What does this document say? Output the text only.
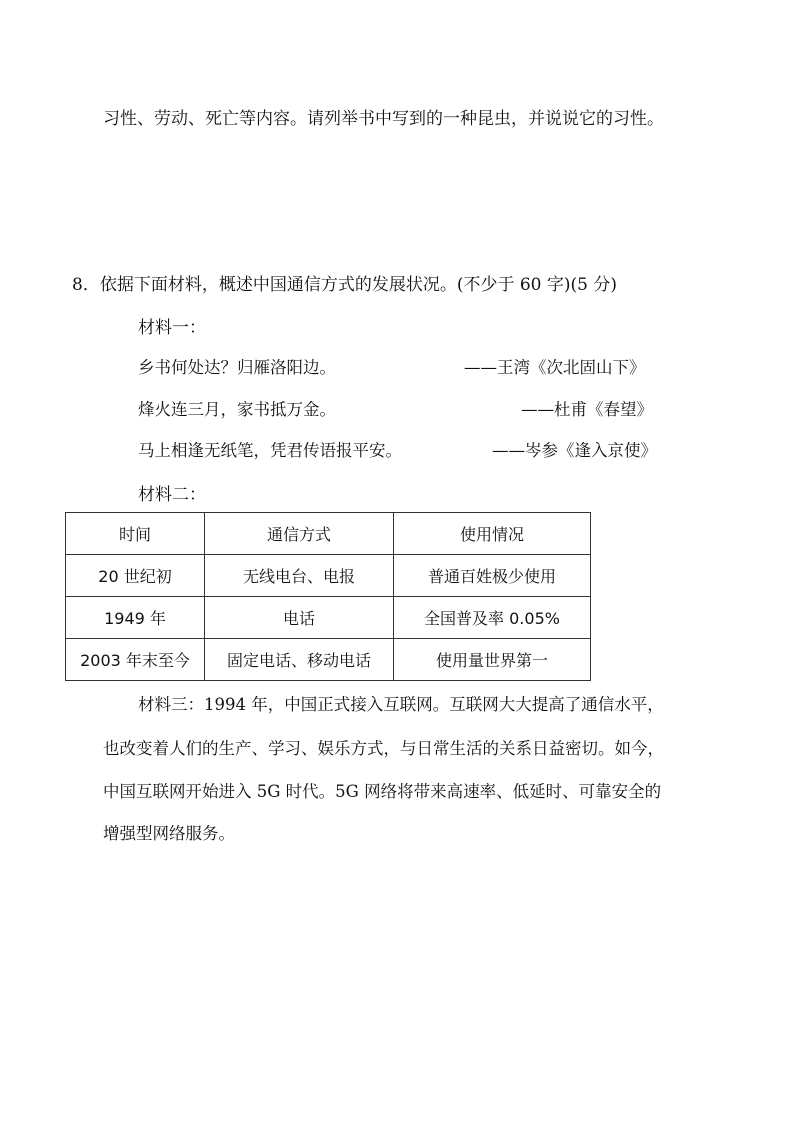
习性、劳动、死亡等内容。请列举书中写到的一种昆虫，并说说它的习性。
8．依据下面材料，概述中国通信方式的发展状况。(不少于 60 字)(5 分)
材料一：
乡书何处达？归雁洛阳边。	——王湾《次北固山下》
烽火连三月，家书抵万金。	——杜甫《春望》
马上相逢无纸笔，凭君传语报平安。	——岑参《逢入京使》
材料二：
时间	通信方式	使用情况
20 世纪初	无线电台、电报	普通百姓极少使用
1949 年	电话	全国普及率 0.05%
2003 年末至今	固定电话、移动电话	使用量世界第一
材料三：1994 年，中国正式接入互联网。互联网大大提高了通信水平，
也改变着人们的生产、学习、娱乐方式，与日常生活的关系日益密切。如今，
中国互联网开始进入 5G 时代。5G 网络将带来高速率、低延时、可靠安全的
增强型网络服务。
